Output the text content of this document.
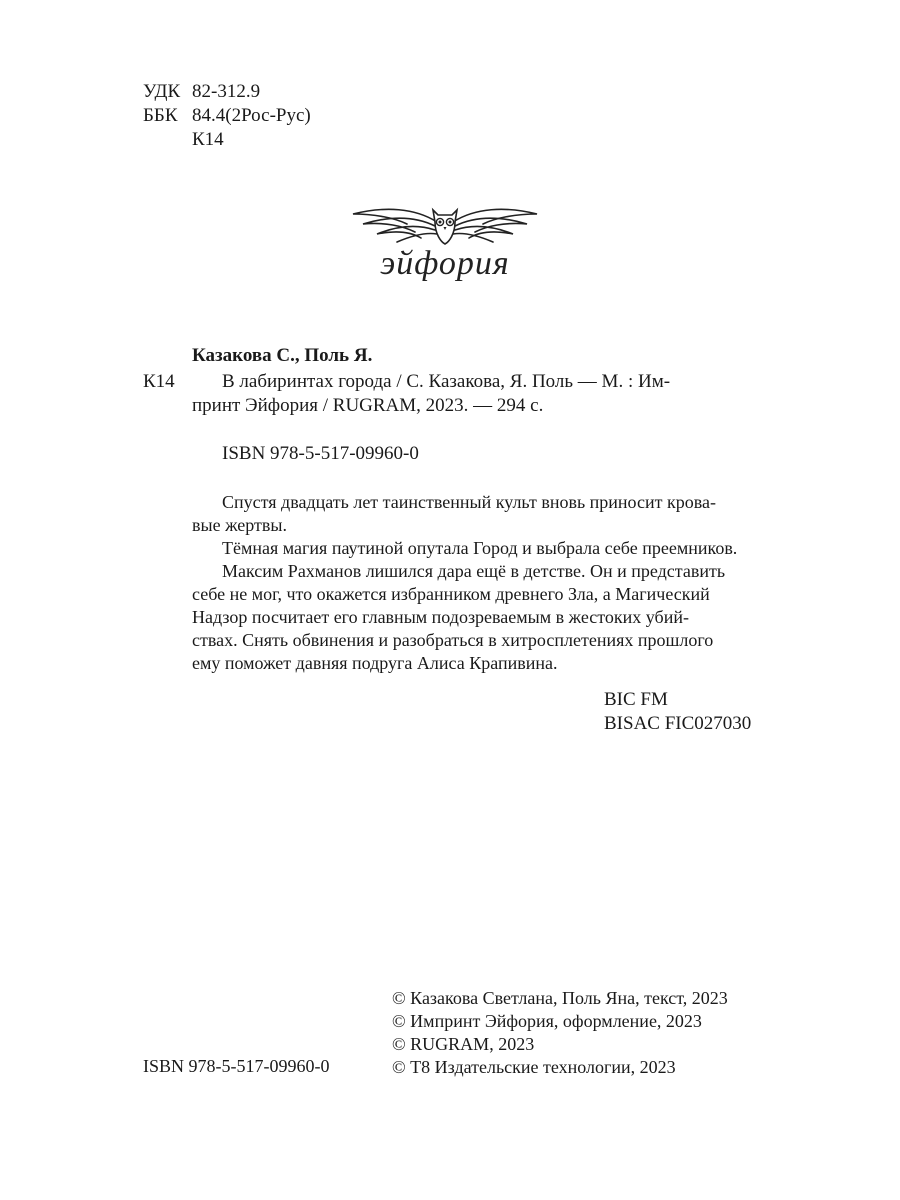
УДК 82-312.9
ББК 84.4(2Рос-Рус)
К14
эйфория
Казакова С., Поль Я.
К14 В лабиринтах города / С. Казакова, Я. Поль — М. : Им-
принт Эйфория / RUGRAM, 2023. — 294 с.
ISBN 978-5-517-09960-0
Спустя двадцать лет таинственный культ вновь приносит крова-
вые жертвы.
Тёмная магия паутиной опутала Город и выбрала себе преемников.
Максим Рахманов лишился дара ещё в детстве. Он и представить
себе не мог, что окажется избранником древнего Зла, а Магический
Надзор посчитает его главным подозреваемым в жестоких убий-
ствах. Снять обвинения и разобраться в хитросплетениях прошлого
ему поможет давняя подруга Алиса Крапивина.
BIC FM
BISAC FIC027030
© Казакова Светлана, Поль Яна, текст, 2023
© Импринт Эйфория, оформление, 2023
© RUGRAM, 2023
© Т8 Издательские технологии, 2023
ISBN 978-5-517-09960-0
